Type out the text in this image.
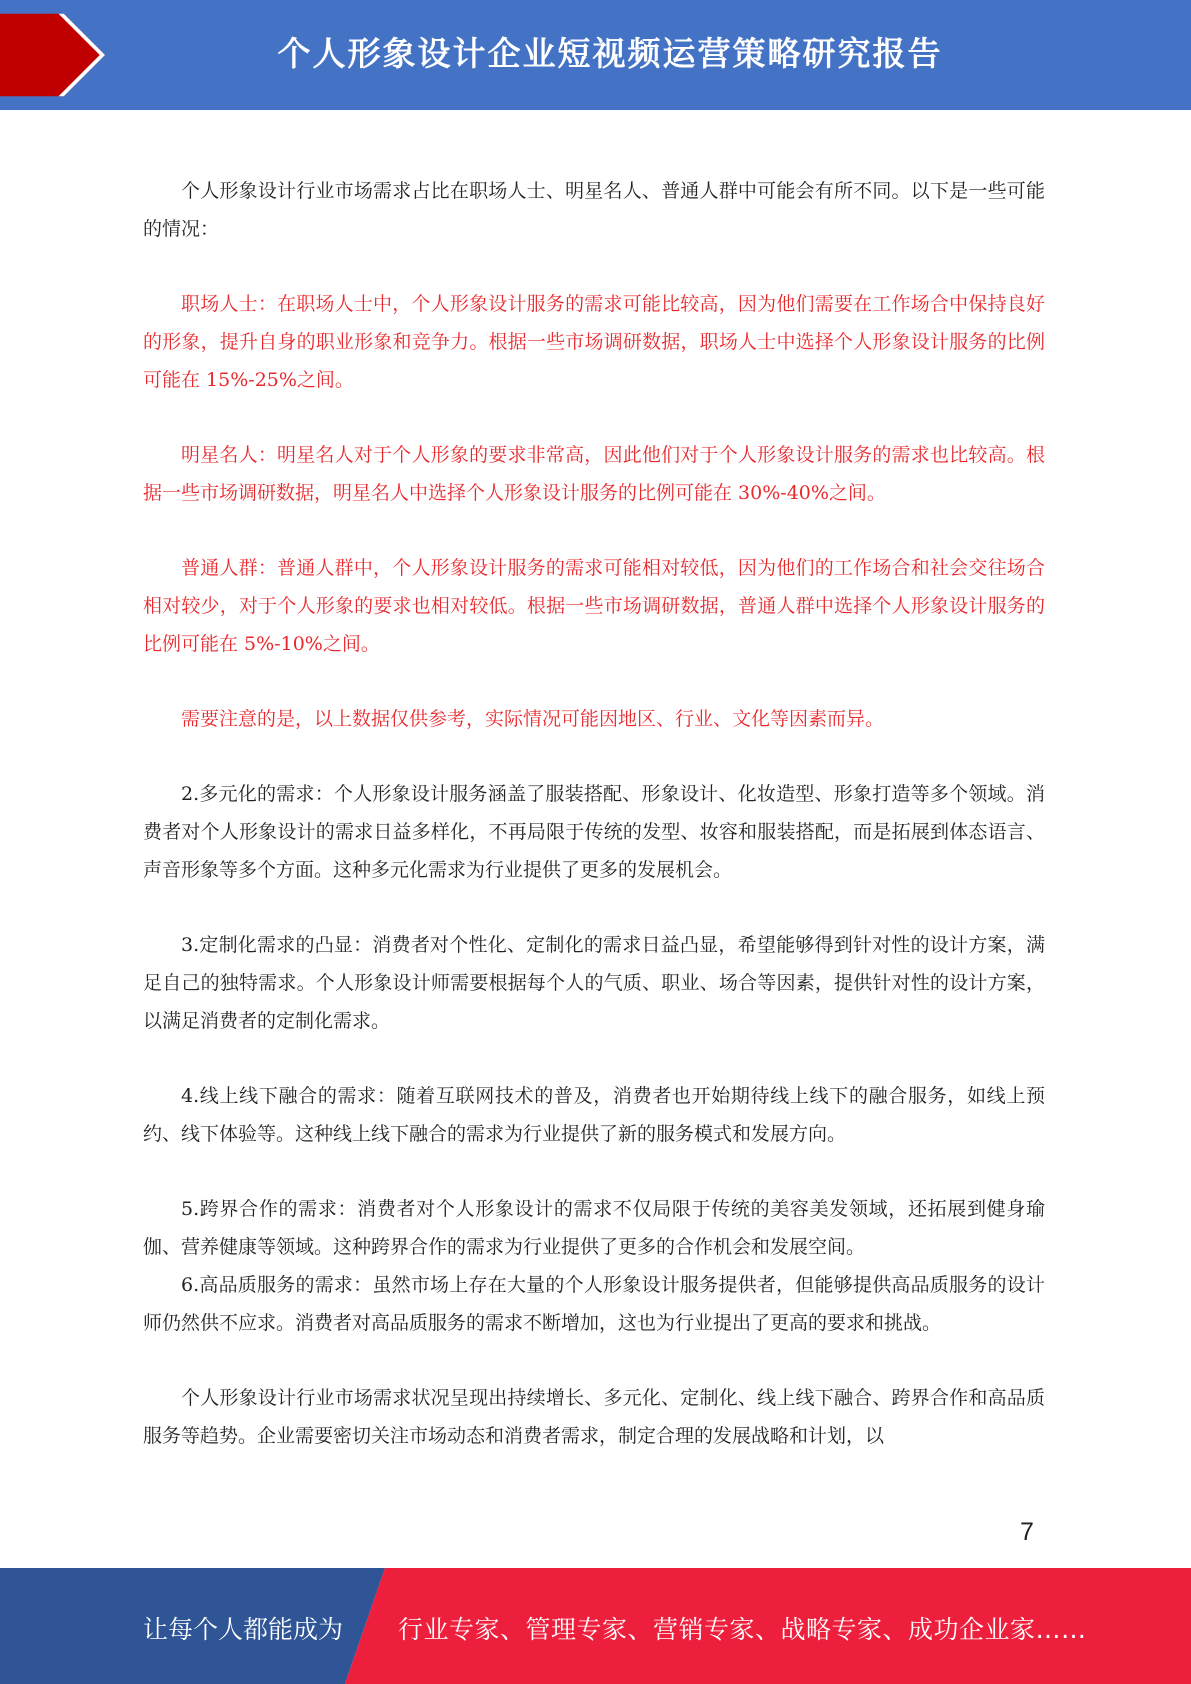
个人形象设计企业短视频运营策略研究报告

个人形象设计行业市场需求占比在职场人士、明星名人、普通人群中可能会有所不同。以下是一些可能的情况：

职场人士：在职场人士中，个人形象设计服务的需求可能比较高，因为他们需要在工作场合中保持良好的形象，提升自身的职业形象和竞争力。根据一些市场调研数据，职场人士中选择个人形象设计服务的比例可能在 15%-25%之间。

明星名人：明星名人对于个人形象的要求非常高，因此他们对于个人形象设计服务的需求也比较高。根据一些市场调研数据，明星名人中选择个人形象设计服务的比例可能在 30%-40%之间。

普通人群：普通人群中，个人形象设计服务的需求可能相对较低，因为他们的工作场合和社会交往场合相对较少，对于个人形象的要求也相对较低。根据一些市场调研数据，普通人群中选择个人形象设计服务的比例可能在 5%-10%之间。

需要注意的是，以上数据仅供参考，实际情况可能因地区、行业、文化等因素而异。

2.多元化的需求：个人形象设计服务涵盖了服装搭配、形象设计、化妆造型、形象打造等多个领域。消费者对个人形象设计的需求日益多样化，不再局限于传统的发型、妆容和服装搭配，而是拓展到体态语言、声音形象等多个方面。这种多元化需求为行业提供了更多的发展机会。

3.定制化需求的凸显：消费者对个性化、定制化的需求日益凸显，希望能够得到针对性的设计方案，满足自己的独特需求。个人形象设计师需要根据每个人的气质、职业、场合等因素，提供针对性的设计方案，以满足消费者的定制化需求。

4.线上线下融合的需求：随着互联网技术的普及，消费者也开始期待线上线下的融合服务，如线上预约、线下体验等。这种线上线下融合的需求为行业提供了新的服务模式和发展方向。

5.跨界合作的需求：消费者对个人形象设计的需求不仅局限于传统的美容美发领域，还拓展到健身瑜伽、营养健康等领域。这种跨界合作的需求为行业提供了更多的合作机会和发展空间。

6.高品质服务的需求：虽然市场上存在大量的个人形象设计服务提供者，但能够提供高品质服务的设计师仍然供不应求。消费者对高品质服务的需求不断增加，这也为行业提出了更高的要求和挑战。

个人形象设计行业市场需求状况呈现出持续增长、多元化、定制化、线上线下融合、跨界合作和高品质服务等趋势。企业需要密切关注市场动态和消费者需求，制定合理的发展战略和计划，以

7
让每个人都能成为 行业专家、管理专家、营销专家、战略专家、成功企业家……
